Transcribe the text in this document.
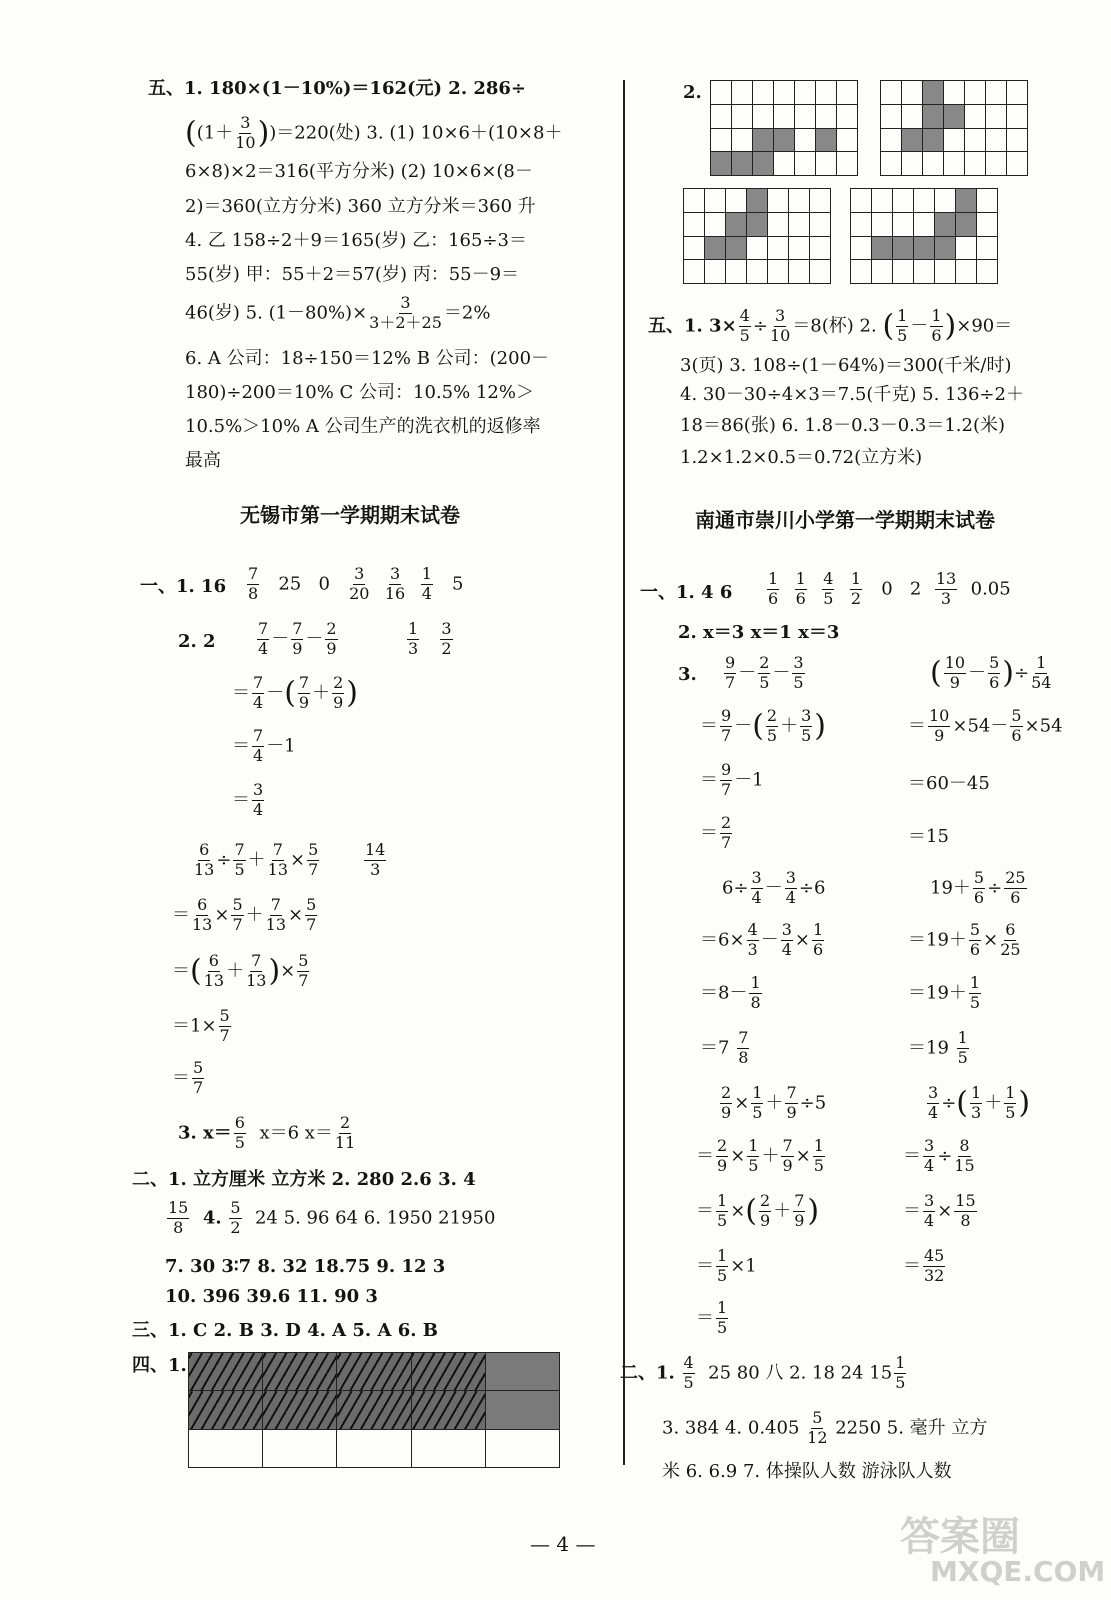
五、1. 180×(1－10%)＝162(元) 2. 286÷
$((1+ \frac{3}{10} ))=220$(处) 3. (1) 10×6＋(10×8＋
6×8)×2＝316(平方分米) (2) 10×6×(8－
2)＝360(立方分米) 360 立方分米＝360 升
4. 乙 158÷2＋9＝165(岁) 乙：165÷3＝
55(岁) 甲：55＋2＝57(岁) 丙：55－9＝
46(岁) 5. $(1-80\%)\times \frac{3}{3+2+25} =2\%$
6. A 公司：18÷150＝12% B 公司：(200－
180)÷200＝10% C 公司：10.5% 12%＞
10.5%＞10% A 公司生产的洗衣机的返修率
最高
无锡市第一学期期末试卷
一、1. $16 \frac{7}{8} 25$ $0 \frac{3}{20}$
$\frac{3}{16}$
$\frac{1}{4} 5$
2. 2	$\frac{7}{4} - \frac{7}{9} - \frac{2}{9}$	$\frac{1}{3}$
$\frac{3}{2}$
＝ $\frac{7}{4}$ －( $\frac{7}{9} + \frac{2}{9}$ )
＝ $\frac{7}{4} -1$
＝ $\frac{3}{4}$
$\frac{6}{13} \div \frac{7}{5} + \frac{7}{13} \times \frac{5}{7}$	$\frac{14}{3}$
＝ $\frac{6}{13} \times \frac{5}{7} + \frac{7}{13} \times \frac{5}{7}$
＝( $\frac{6}{13} + \frac{7}{13}$ )× $\frac{5}{7}$
$=1\times \frac{5}{7}$
＝ $\frac{5}{7}$
3. $x= \frac{6}{5} x=6$ $x= \frac{2}{11}$
二、1. 立方厘米 立方米 2. 280 2.6 3. 4
$\frac{15}{8} 4$. $\frac{5}{2} 24$ 5. 96 64 6. 1950 21950
7. 30 3∶7 8. 32 18.75 9. 12 3
10. 396 39.6 11. 90 3
三、1. C 2. B 3. D 4. A 5. A 6. B
四、1.

2.

五、1. $3\times \frac{4}{5} \div \frac{3}{10} =8$(杯) 2. ( $\frac{1}{5} - \frac{1}{6} )\times 90=$
3(页) 3. 108÷(1－64%)＝300(千米/时)
4. 30－30÷4×3＝7.5(千克) 5. 136÷2＋
18＝86(张) 6. 1.8－0.3－0.3＝1.2(米)
1.2×1.2×0.5＝0.72(立方米)
南通市崇川小学第一学期期末试卷
一、1. 4 $6 \frac{1}{6}$
$\frac{1}{6}$
$\frac{4}{5}$
$\frac{1}{2} 0$ $2 \frac{13}{3} 0.05$
2. x＝3 x＝1 x＝3
3. $\frac{9}{7} - \frac{2}{5} - \frac{3}{5}$
＝ $\frac{9}{7}$ －( $\frac{2}{5} + \frac{3}{5}$ )
＝ $\frac{9}{7} -1$
＝ $\frac{2}{7}$
( $\frac{10}{9} - \frac{5}{6}$ )÷ $\frac{1}{54}$
＝ $\frac{10}{9} \times 54- \frac{5}{6} \times 54$
＝60－45
＝15
$6\div \frac{3}{4} - \frac{3}{4} \div 6$
$=6\times \frac{4}{3} - \frac{3}{4} \times \frac{1}{6}$
$=8- \frac{1}{8}$
$=7 \frac{7}{8}$
$19+ \frac{5}{6} \div \frac{25}{6}$
$=19+ \frac{5}{6} \times \frac{6}{25}$
$=19+ \frac{1}{5}$
$=19 \frac{1}{5}$
$\frac{2}{9} \times \frac{1}{5} + \frac{7}{9} \div 5$
＝ $\frac{2}{9} \times \frac{1}{5} + \frac{7}{9} \times \frac{1}{5}$
＝ $\frac{1}{5}$ ×( $\frac{2}{9} + \frac{7}{9}$ )
＝ $\frac{1}{5} \times 1$
＝ $\frac{1}{5}$
$\frac{3}{4}$ ÷( $\frac{1}{3} + \frac{1}{5}$ )
＝ $\frac{3}{4} \div \frac{8}{15}$
＝ $\frac{3}{4} \times \frac{15}{8}$
＝ $\frac{45}{32}$
二、1. $\frac{4}{5} 25$ 80 八 2. 18 24 $15 \frac{1}{5}$
3. 384 4. $0.405 \frac{5}{12} 2250$ 5. 毫升 立方
米 6. 6.9 7. 体操队人数 游泳队人数
— 4 —	答案圈
MXQE.COM
